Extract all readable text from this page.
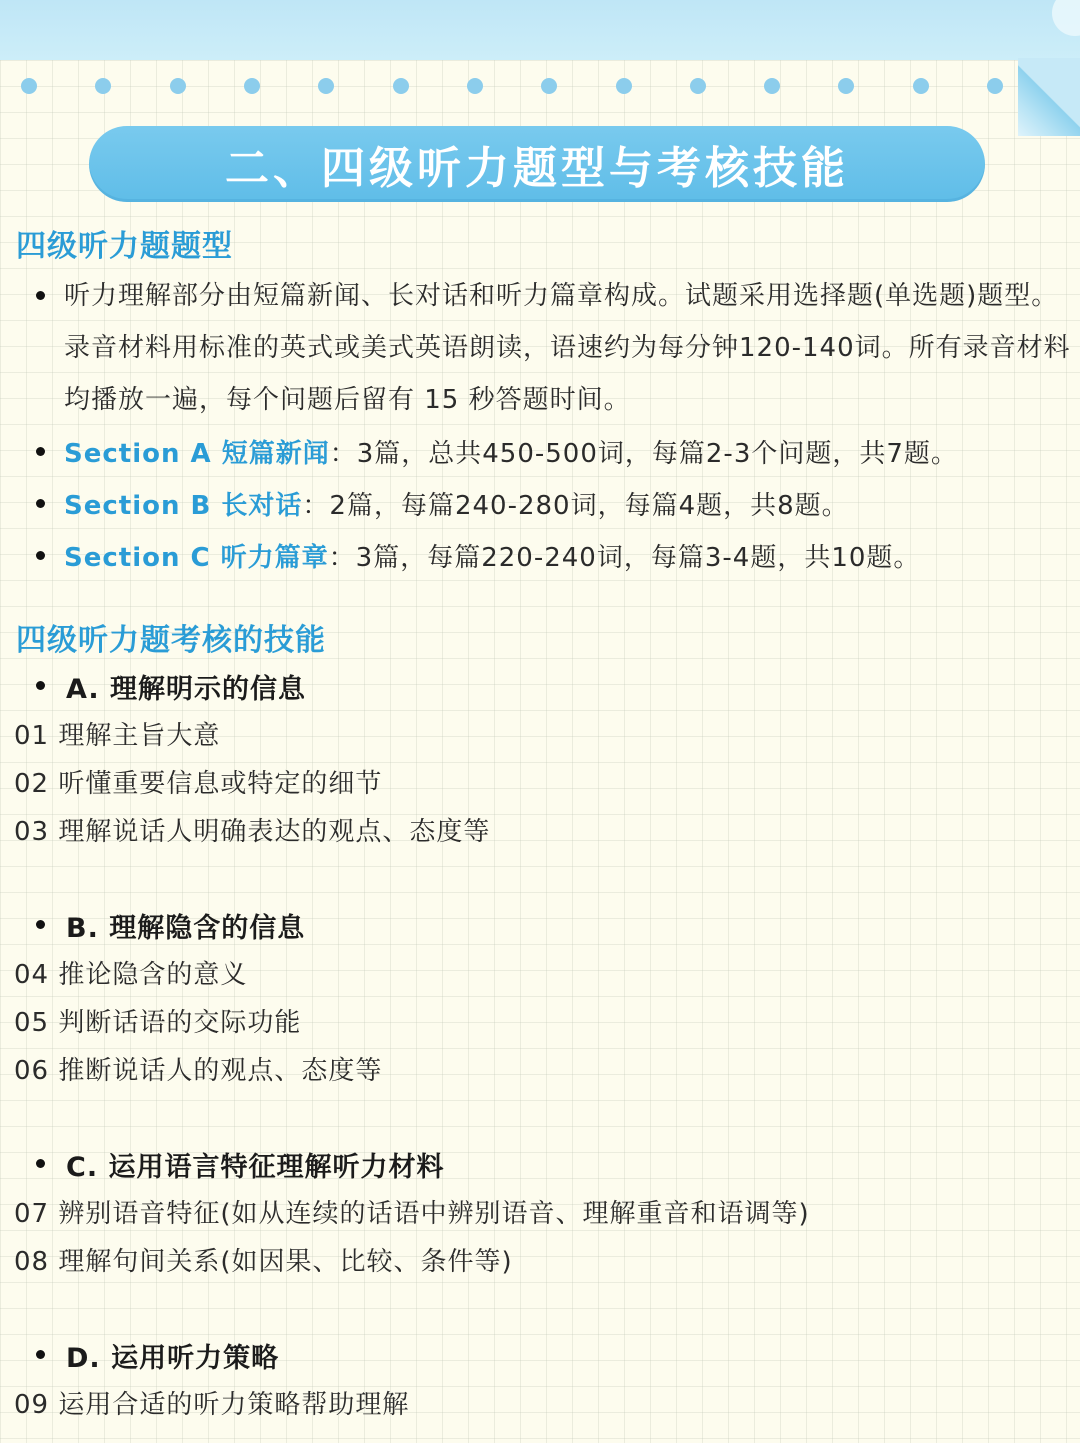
二、四级听力题型与考核技能
四级听力题题型
听力理解部分由短篇新闻、长对话和听力篇章构成。试题采用选择题(单选题)题型。录音材料用标准的英式或美式英语朗读，语速约为每分钟120-140词。所有录音材料均播放一遍，每个问题后留有 15 秒答题时间。
Section A 短篇新闻：3篇，总共450-500词，每篇2-3个问题，共7题。
Section B 长对话：2篇，每篇240-280词，每篇4题，共8题。
Section C 听力篇章：3篇，每篇220-240词，每篇3-4题，共10题。
四级听力题考核的技能
A. 理解明示的信息
01 理解主旨大意
02 听懂重要信息或特定的细节
03 理解说话人明确表达的观点、态度等
B. 理解隐含的信息
04 推论隐含的意义
05 判断话语的交际功能
06 推断说话人的观点、态度等
C. 运用语言特征理解听力材料
07 辨别语音特征(如从连续的话语中辨别语音、理解重音和语调等)
08 理解句间关系(如因果、比较、条件等)
D. 运用听力策略
09 运用合适的听力策略帮助理解
